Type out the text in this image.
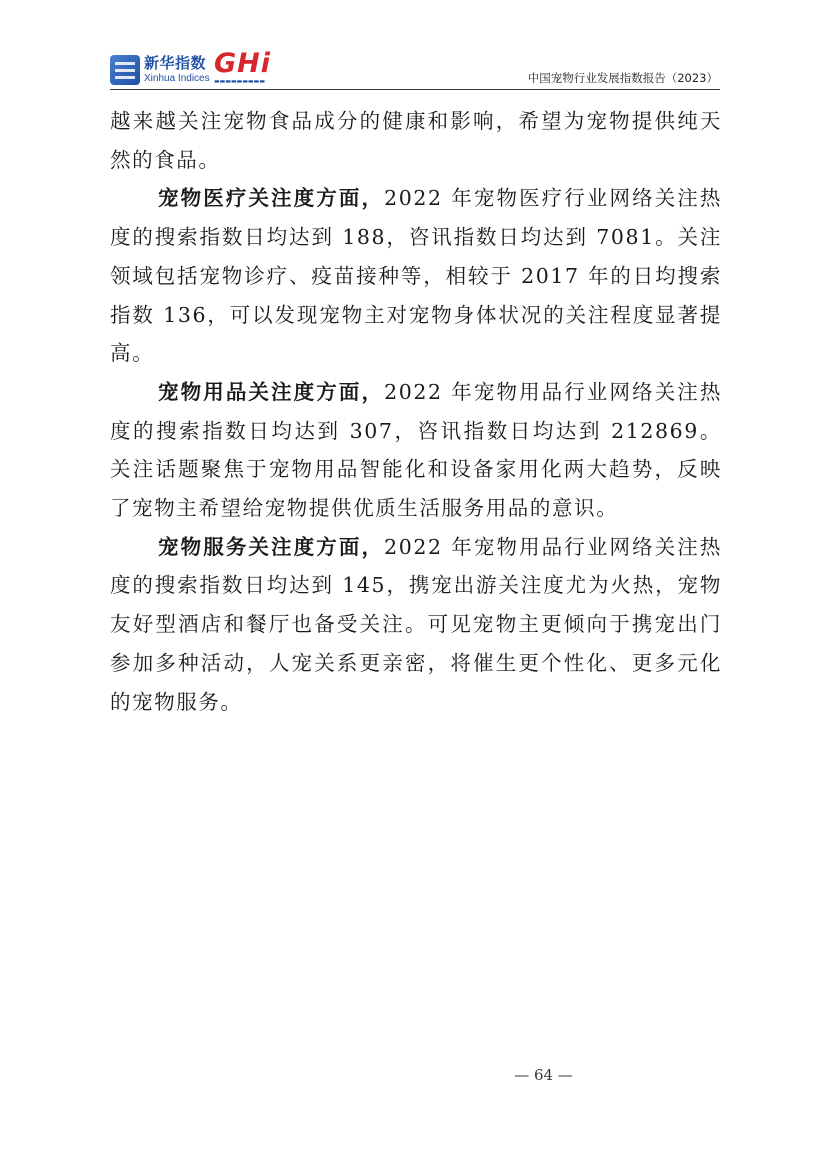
新华指数
Xinhua Indices GHi
▬▬▬▬▬▬▬▬▬	中国宠物行业发展指数报告（2023）

越来越关注宠物食品成分的健康和影响，希望为宠物提供纯天然的食品。

宠物医疗关注度方面，2022 年宠物医疗行业网络关注热度的搜索指数日均达到 188，咨讯指数日均达到 7081。关注领域包括宠物诊疗、疫苗接种等，相较于 2017 年的日均搜索指数 136，可以发现宠物主对宠物身体状况的关注程度显著提高。

宠物用品关注度方面，2022 年宠物用品行业网络关注热度的搜索指数日均达到 307，咨讯指数日均达到 212869。关注话题聚焦于宠物用品智能化和设备家用化两大趋势，反映了宠物主希望给宠物提供优质生活服务用品的意识。

宠物服务关注度方面，2022 年宠物用品行业网络关注热度的搜索指数日均达到 145，携宠出游关注度尤为火热，宠物友好型酒店和餐厅也备受关注。可见宠物主更倾向于携宠出门参加多种活动，人宠关系更亲密，将催生更个性化、更多元化的宠物服务。

— 64 —
